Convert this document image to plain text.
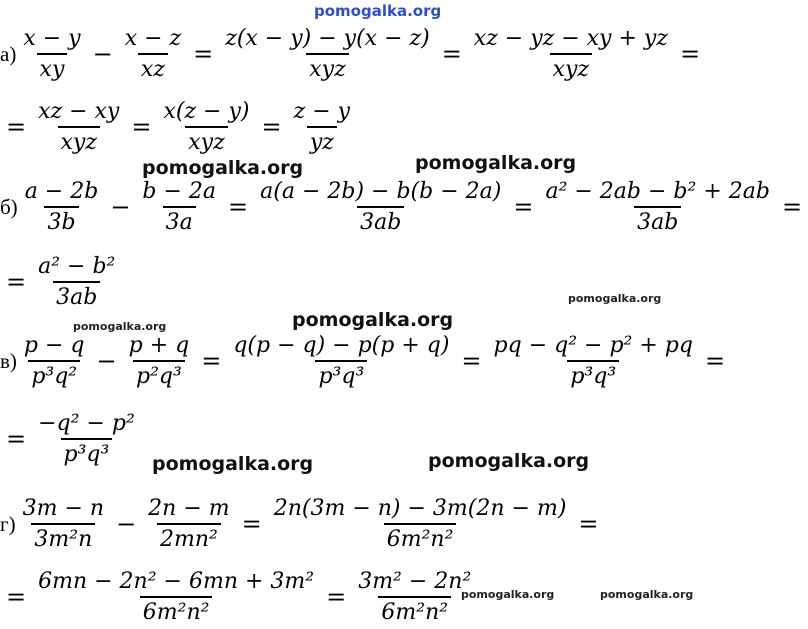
$а) \frac{x - y}{xy} - \frac{x - z}{xz} = \frac{z(x - y) - y(x - z)}{\text{xyz}} = \frac{xz - yz - xy + yz}{\text{xyz}}$ =
= $\frac{xz - xy}{\text{xyz}} = \frac{x(z - y)}{\text{xyz}} = \frac{z - y}{yz}$
$б) \frac{a - 2b}{3b} - \frac{b - 2a}{3a} = \frac{a(a - 2b) - b(b - 2a)}{3ab} = \frac{\text{a² − 2ab − b² + 2ab}}{3ab}$ =
= $\frac{\text{a² − b²}}{3ab}$
$в) \frac{p - q}{\text{p³q²}} - \frac{p + q}{\text{p²q³}} = \frac{q(p - q) - p(p + q)}{\text{p³q³}} = \frac{\text{pq − q² − p² + pq}}{\text{p³q³}}$ =
= $\frac{\text{−q² − p²}}{\text{p³q³}}$
$г) \frac{3m - n}{\text{3m²n}} - \frac{2n - m}{\text{2mn²}} = \frac{2n(3m - n) - 3m(2n - m)}{\text{6m²n²}}$ =
= $\frac{\text{6mn − 2n² − 6mn + 3m²}}{\text{6m²n²}} = \frac{\text{3m² − 2n²}}{\text{6m²n²}}$
pomogalka.org
pomogalka.org	pomogalka.org
pomogalka.org
pomogalka.org	pomogalka.org
pomogalka.org	pomogalka.org
pomogalka.org	pomogalka.org
